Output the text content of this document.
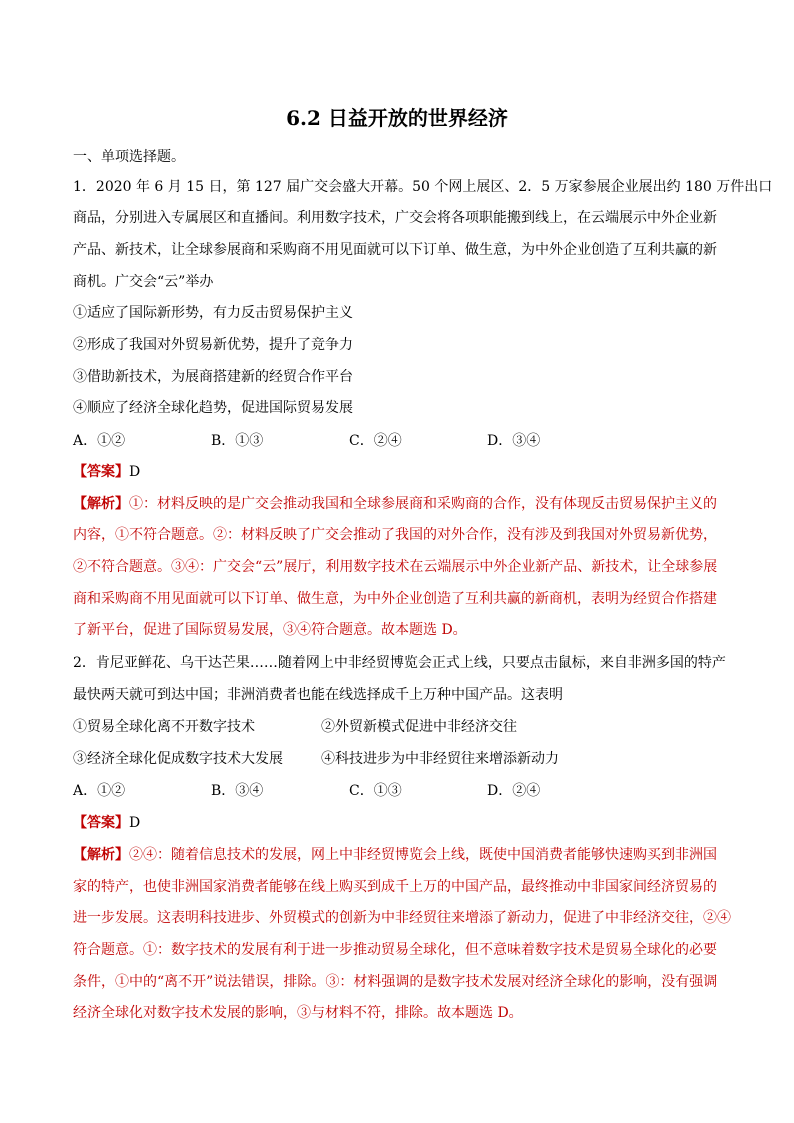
6.2 日益开放的世界经济
一、单项选择题。
1．2020 年 6 月 15 日，第 127 届广交会盛大开幕。50 个网上展区、2．5 万家参展企业展出约 180 万件出口
商品，分别进入专属展区和直播间。利用数字技术，广交会将各项职能搬到线上，在云端展示中外企业新
产品、新技术，让全球参展商和采购商不用见面就可以下订单、做生意，为中外企业创造了互利共赢的新
商机。广交会“云”举办
①适应了国际新形势，有力反击贸易保护主义
②形成了我国对外贸易新优势，提升了竞争力
③借助新技术，为展商搭建新的经贸合作平台
④顺应了经济全球化趋势，促进国际贸易发展
A．①②	B．①③	C．②④	D．③④
【答案】D
【解析】①：材料反映的是广交会推动我国和全球参展商和采购商的合作，没有体现反击贸易保护主义的
内容，①不符合题意。②：材料反映了广交会推动了我国的对外合作，没有涉及到我国对外贸易新优势，
②不符合题意。③④：广交会“云”展厅，利用数字技术在云端展示中外企业新产品、新技术，让全球参展
商和采购商不用见面就可以下订单、做生意，为中外企业创造了互利共赢的新商机，表明为经贸合作搭建
了新平台，促进了国际贸易发展，③④符合题意。故本题选 D。
2．肯尼亚鲜花、乌干达芒果……随着网上中非经贸博览会正式上线，只要点击鼠标，来自非洲多国的特产
最快两天就可到达中国；非洲消费者也能在线选择成千上万种中国产品。这表明
①贸易全球化离不开数字技术	②外贸新模式促进中非经济交往
③经济全球化促成数字技术大发展	④科技进步为中非经贸往来增添新动力
A．①②	B．③④	C．①③	D．②④
【答案】D
【解析】②④：随着信息技术的发展，网上中非经贸博览会上线，既使中国消费者能够快速购买到非洲国
家的特产，也使非洲国家消费者能够在线上购买到成千上万的中国产品，最终推动中非国家间经济贸易的
进一步发展。这表明科技进步、外贸模式的创新为中非经贸往来增添了新动力，促进了中非经济交往，②④
符合题意。①：数字技术的发展有利于进一步推动贸易全球化，但不意味着数字技术是贸易全球化的必要
条件，①中的“离不开”说法错误，排除。③：材料强调的是数字技术发展对经济全球化的影响，没有强调
经济全球化对数字技术发展的影响，③与材料不符，排除。故本题选 D。
